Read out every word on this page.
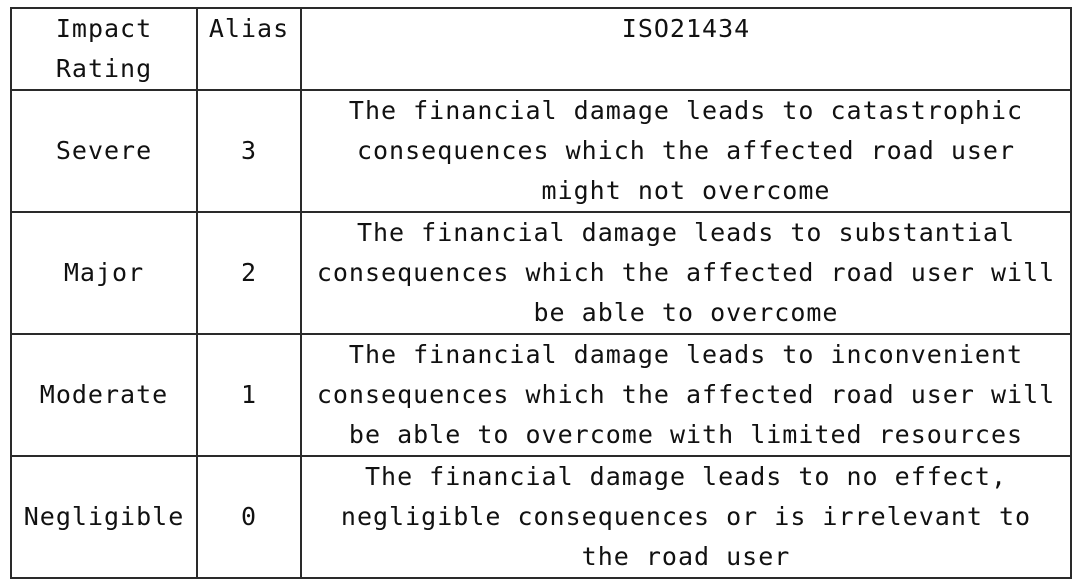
Impact Rating	Alias	ISO21434
Severe	3	The financial damage leads to catastrophic consequences which the affected road user might not overcome
Major	2	The financial damage leads to substantial consequences which the affected road user will be able to overcome
Moderate	1	The financial damage leads to inconvenient consequences which the affected road user will be able to overcome with limited resources
Negligible	0	The financial damage leads to no effect, negligible consequences or is irrelevant to the road user
